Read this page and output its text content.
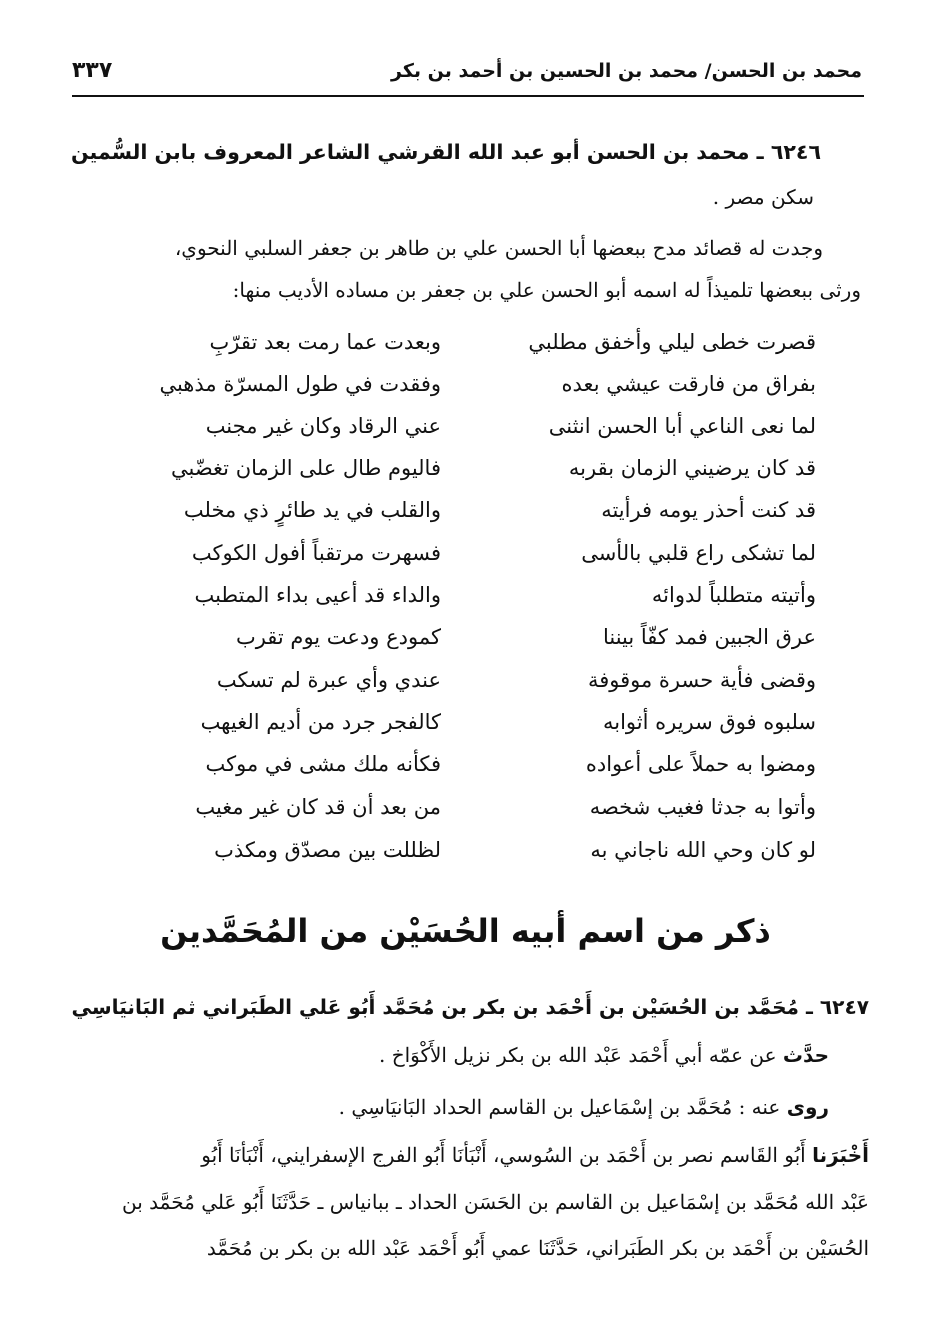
محمد بن الحسن/ محمد بن الحسين بن أحمد بن بكر
٣٣٧
٦٢٤٦ ـ محمد بن الحسن أبو عبد الله القرشي الشاعر المعروف بابن السُّمين
سكن مصر .
وجدت له قصائد مدح ببعضها أبا الحسن علي بن طاهر بن جعفر السلبي النحوي،
ورثى ببعضها تلميذاً له اسمه أبو الحسن علي بن جعفر بن مساده الأديب منها:
قصرت خطى ليلي وأخفق مطلبي
وبعدت عما رمت بعد تقرّبِ
بفراق من فارقت عيشي بعده
وفقدت في طول المسرّة مذهبي
لما نعى الناعي أبا الحسن انثنى
عني الرقاد وكان غير مجنب
قد كان يرضيني الزمان بقربه
فاليوم طال على الزمان تغضّبي
قد كنت أحذر يومه فرأيته
والقلب في يد طائرٍ ذي مخلب
لما تشكى راع قلبي بالأسى
فسهرت مرتقباً أفول الكوكب
وأتيته متطلباً لدوائه
والداء قد أعيى بداء المتطبب
عرق الجبين فمد كفّاً بيننا
كمودع ودعت يوم تقرب
وقضى فأية حسرة موقوفة
عندي وأي عبرة لم تسكب
سلبوه فوق سريره أثوابه
كالفجر جرد من أديم الغيهب
ومضوا به حملاً على أعواده
فكأنه ملك مشى في موكب
وأتوا به جدثا فغيب شخصه
من بعد أن قد كان غير مغيب
لو كان وحي الله ناجاني به
لظللت بين مصدّق ومكذب
ذكر من اسم أبيه الحُسَيْن من المُحَمَّدين
٦٢٤٧ ـ مُحَمَّد بن الحُسَيْن بن أَحْمَد بن بكر بن مُحَمَّد أَبُو عَلي الطَبَراني ثم البَانيَاسِي
حدَّث عن عمّه أبي أَحْمَد عَبْد الله بن بكر نزيل الأَكْوَاخ .
روى عنه : مُحَمَّد بن إسْمَاعيل بن القاسم الحداد البَانيَاسِي .
أَخْبَرَنا أَبُو القَاسم نصر بن أَحْمَد بن السُوسي، أَنْبَأنَا أَبُو الفرج الإسفرايني، أَنْبَأنَا أَبُو
عَبْد الله مُحَمَّد بن إسْمَاعيل بن القاسم بن الحَسَن الحداد ـ ببانياس ـ حَدَّثَنَا أَبُو عَلي مُحَمَّد بن
الحُسَيْن بن أَحْمَد بن بكر الطَبَراني، حَدَّثَنَا عمي أَبُو أَحْمَد عَبْد الله بن بكر بن مُحَمَّد
